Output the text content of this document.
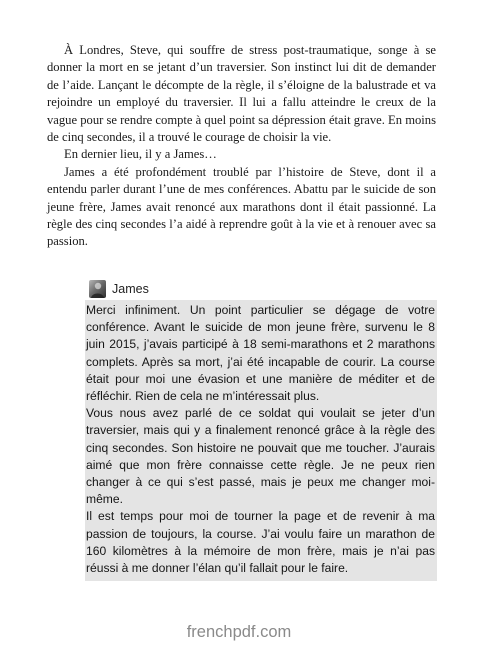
À Londres, Steve, qui souffre de stress post-traumatique, songe à se donner la mort en se jetant d’un traversier. Son instinct lui dit de demander de l’aide. Lançant le décompte de la règle, il s’éloigne de la balustrade et va rejoindre un employé du traversier. Il lui a fallu atteindre le creux de la vague pour se rendre compte à quel point sa dépression était grave. En moins de cinq secondes, il a trouvé le courage de choisir la vie.

En dernier lieu, il y a James…

James a été profondément troublé par l’histoire de Steve, dont il a entendu parler durant l’une de mes conférences. Abattu par le suicide de son jeune frère, James avait renoncé aux marathons dont il était passionné. La règle des cinq secondes l’a aidé à reprendre goût à la vie et à renouer avec sa passion.

James

Merci infiniment. Un point particulier se dégage de votre conférence. Avant le suicide de mon jeune frère, survenu le 8 juin 2015, j’avais participé à 18 semi-marathons et 2 marathons complets. Après sa mort, j’ai été incapable de courir. La course était pour moi une évasion et une manière de méditer et de réfléchir. Rien de cela ne m’intéressait plus.

Vous nous avez parlé de ce soldat qui voulait se jeter d’un traversier, mais qui y a finalement renoncé grâce à la règle des cinq secondes. Son histoire ne pouvait que me toucher. J’aurais aimé que mon frère connaisse cette règle. Je ne peux rien changer à ce qui s’est passé, mais je peux me changer moi-même.

Il est temps pour moi de tourner la page et de revenir à ma passion de toujours, la course. J’ai voulu faire un marathon de 160 kilomètres à la mémoire de mon frère, mais je n’ai pas réussi à me donner l’élan qu’il fallait pour le faire.

frenchpdf.com
